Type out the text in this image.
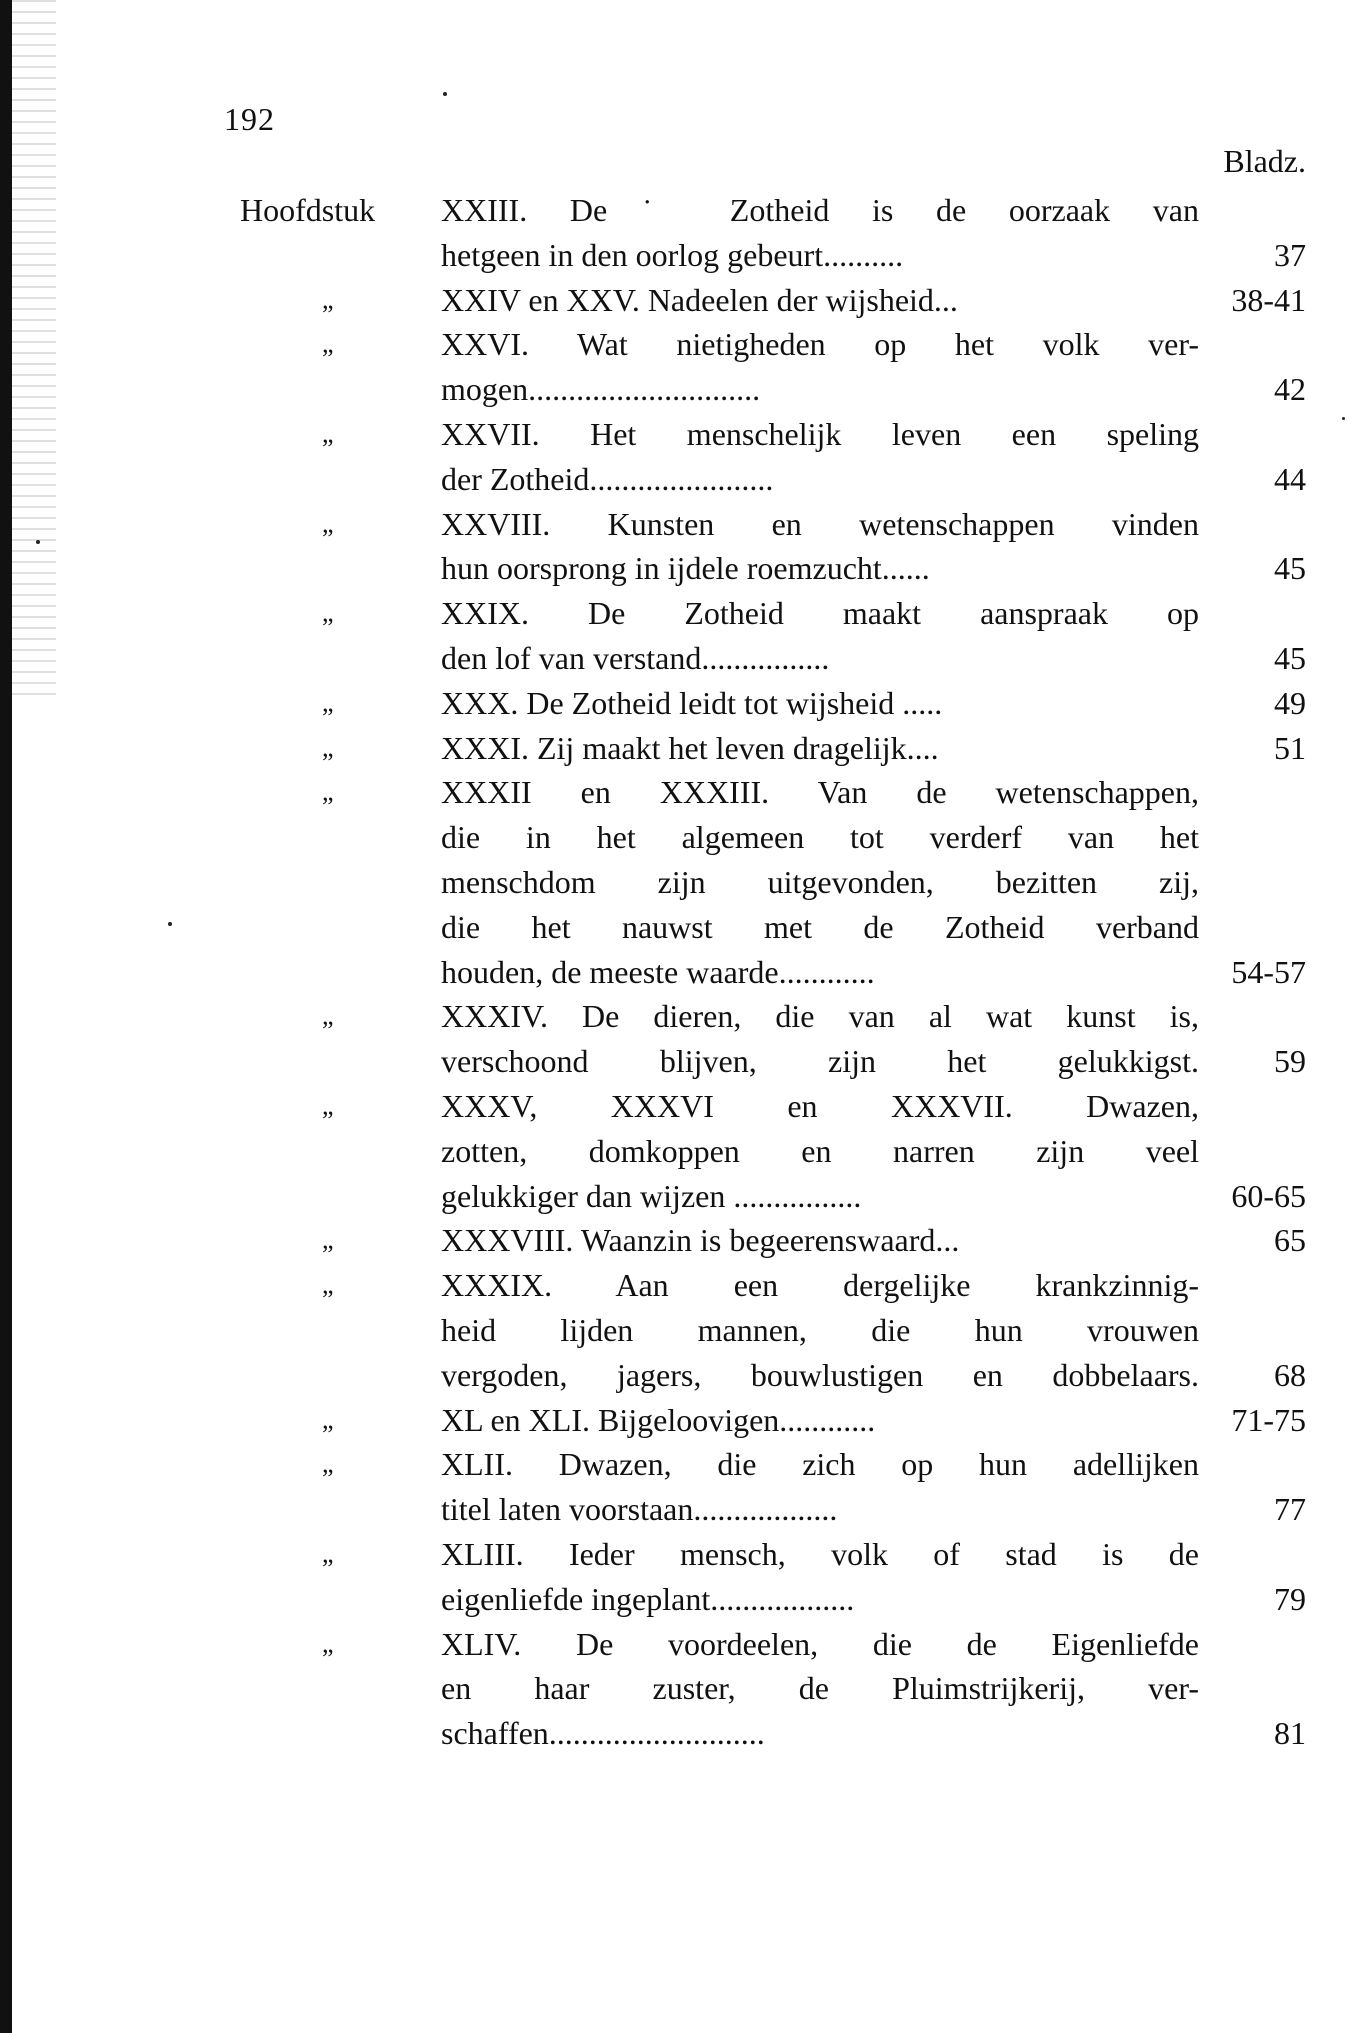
192
Bladz.
Hoofdstuk XXIII. De˙ Zotheid is de oorzaak van
hetgeen in den oorlog gebeurt..........	37
„	XXIV en XXV. Nadeelen der wijsheid...	38-41
„	XXVI. Wat nietigheden op het volk ver-
mogen.............................	42
„	XXVII. Het menschelijk leven een speling
der Zotheid.......................	44
„	XXVIII. Kunsten en wetenschappen vinden
hun oorsprong in ijdele roemzucht......	45
„	XXIX. De Zotheid maakt aanspraak op
den lof van verstand................	45
„	XXX. De Zotheid leidt tot wijsheid .....	49
„	XXXI. Zij maakt het leven dragelijk....	51
„	XXXII en XXXIII. Van de wetenschappen,
die in het algemeen tot verderf van het
menschdom zijn uitgevonden, bezitten zij,
die het nauwst met de Zotheid verband
houden, de meeste waarde............	54-57
„	XXXIV. De dieren, die van al wat kunst is,
verschoond blijven, zijn het gelukkigst. 59
„	XXXV, XXXVI en XXXVII. Dwazen,
zotten, domkoppen en narren zijn veel
gelukkiger dan wijzen ................	60-65
„	XXXVIII. Waanzin is begeerenswaard...	65
„	XXXIX. Aan een dergelijke krankzinnig-
heid lijden mannen, die hun vrouwen
vergoden, jagers, bouwlustigen en dobbelaars. 68
„	XL en XLI. Bijgeloovigen............	71-75
„	XLII. Dwazen, die zich op hun adellijken
titel laten voorstaan..................	77
„	XLIII. Ieder mensch, volk of stad is de
eigenliefde ingeplant..................	79
„	XLIV. De voordeelen, die de Eigenliefde
en haar zuster, de Pluimstrijkerij, ver-
schaffen...........................	81
